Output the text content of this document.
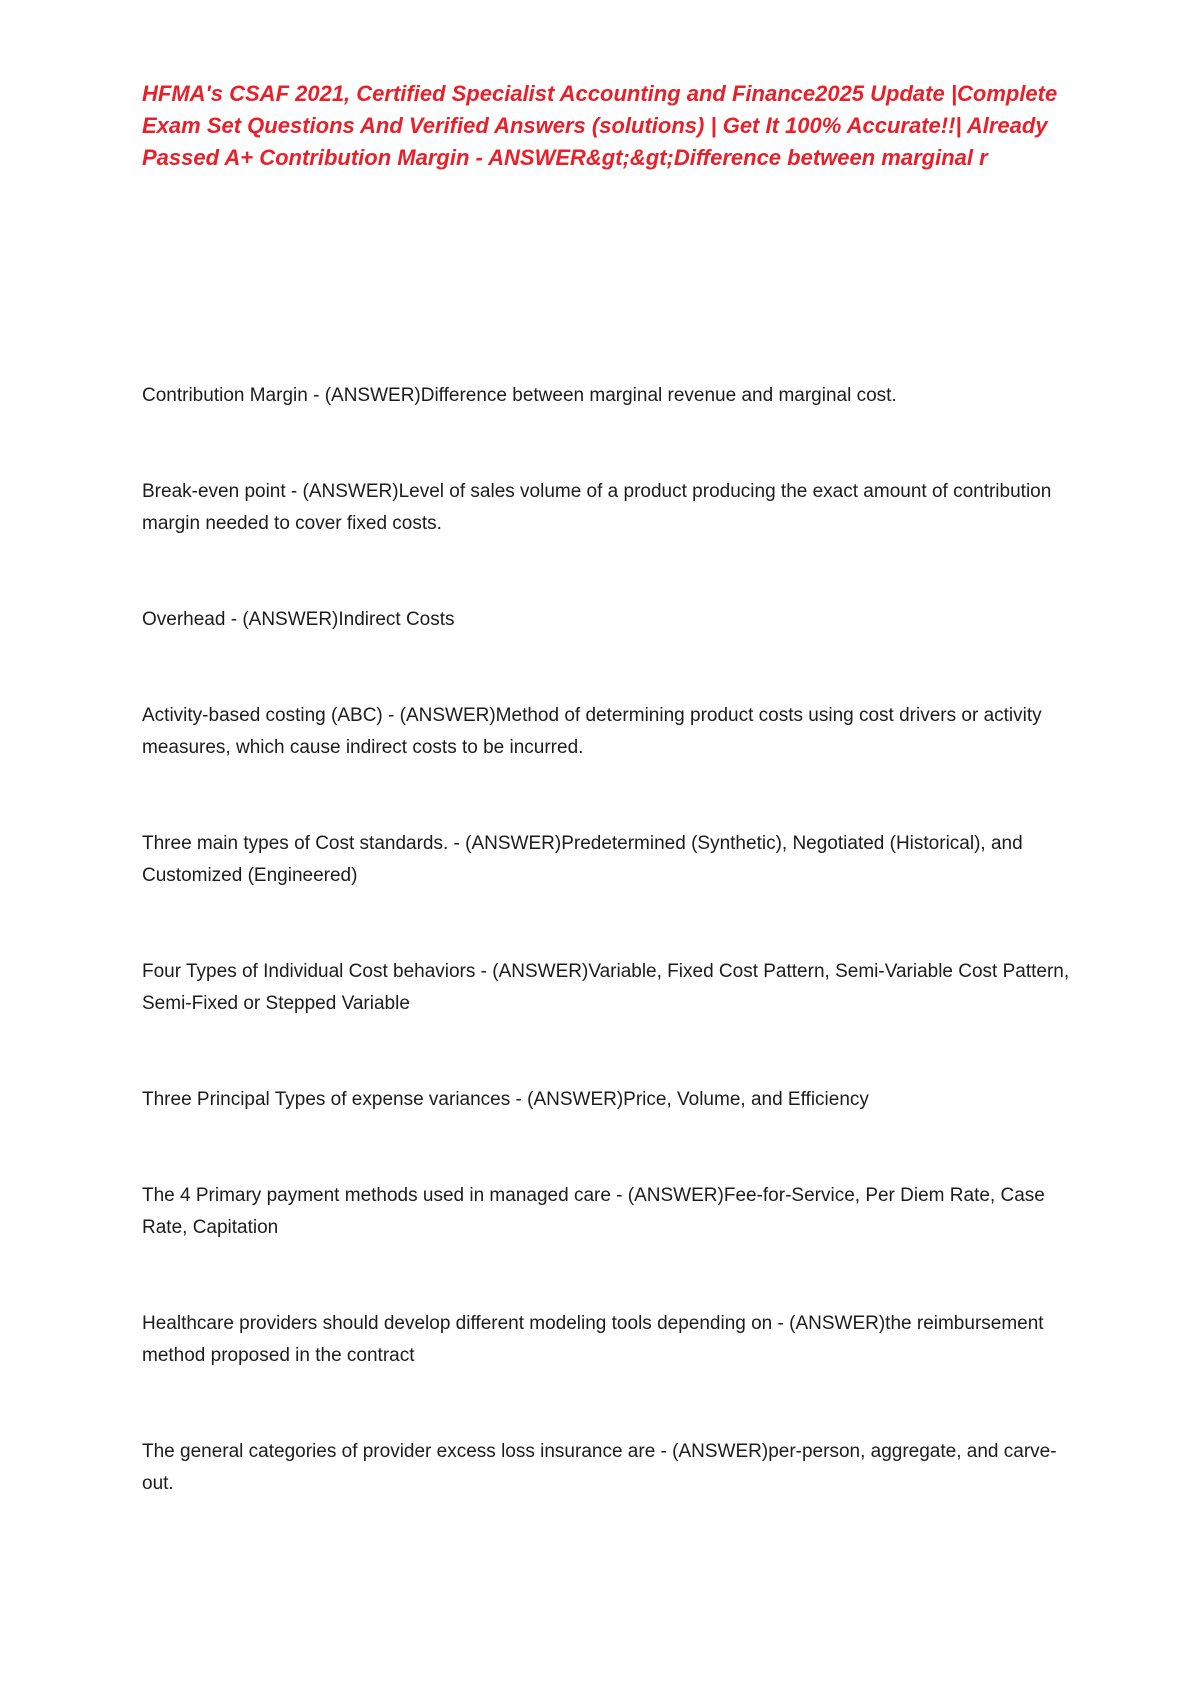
HFMA's CSAF 2021, Certified Specialist Accounting and Finance2025 Update |Complete Exam Set Questions And Verified Answers (solutions) | Get It 100% Accurate!!| Already Passed A+ Contribution Margin - ANSWER&gt;&gt;Difference between marginal r
Contribution Margin - (ANSWER)Difference between marginal revenue and marginal cost.
Break-even point - (ANSWER)Level of sales volume of a product producing the exact amount of contribution margin needed to cover fixed costs.
Overhead - (ANSWER)Indirect Costs
Activity-based costing (ABC) - (ANSWER)Method of determining product costs using cost drivers or activity measures, which cause indirect costs to be incurred.
Three main types of Cost standards. - (ANSWER)Predetermined (Synthetic), Negotiated (Historical), and Customized (Engineered)
Four Types of Individual Cost behaviors - (ANSWER)Variable, Fixed Cost Pattern, Semi-Variable Cost Pattern, Semi-Fixed or Stepped Variable
Three Principal Types of expense variances - (ANSWER)Price, Volume, and Efficiency
The 4 Primary payment methods used in managed care - (ANSWER)Fee-for-Service, Per Diem Rate, Case Rate, Capitation
Healthcare providers should develop different modeling tools depending on - (ANSWER)the reimbursement method proposed in the contract
The general categories of provider excess loss insurance are - (ANSWER)per-person, aggregate, and carve-out.
